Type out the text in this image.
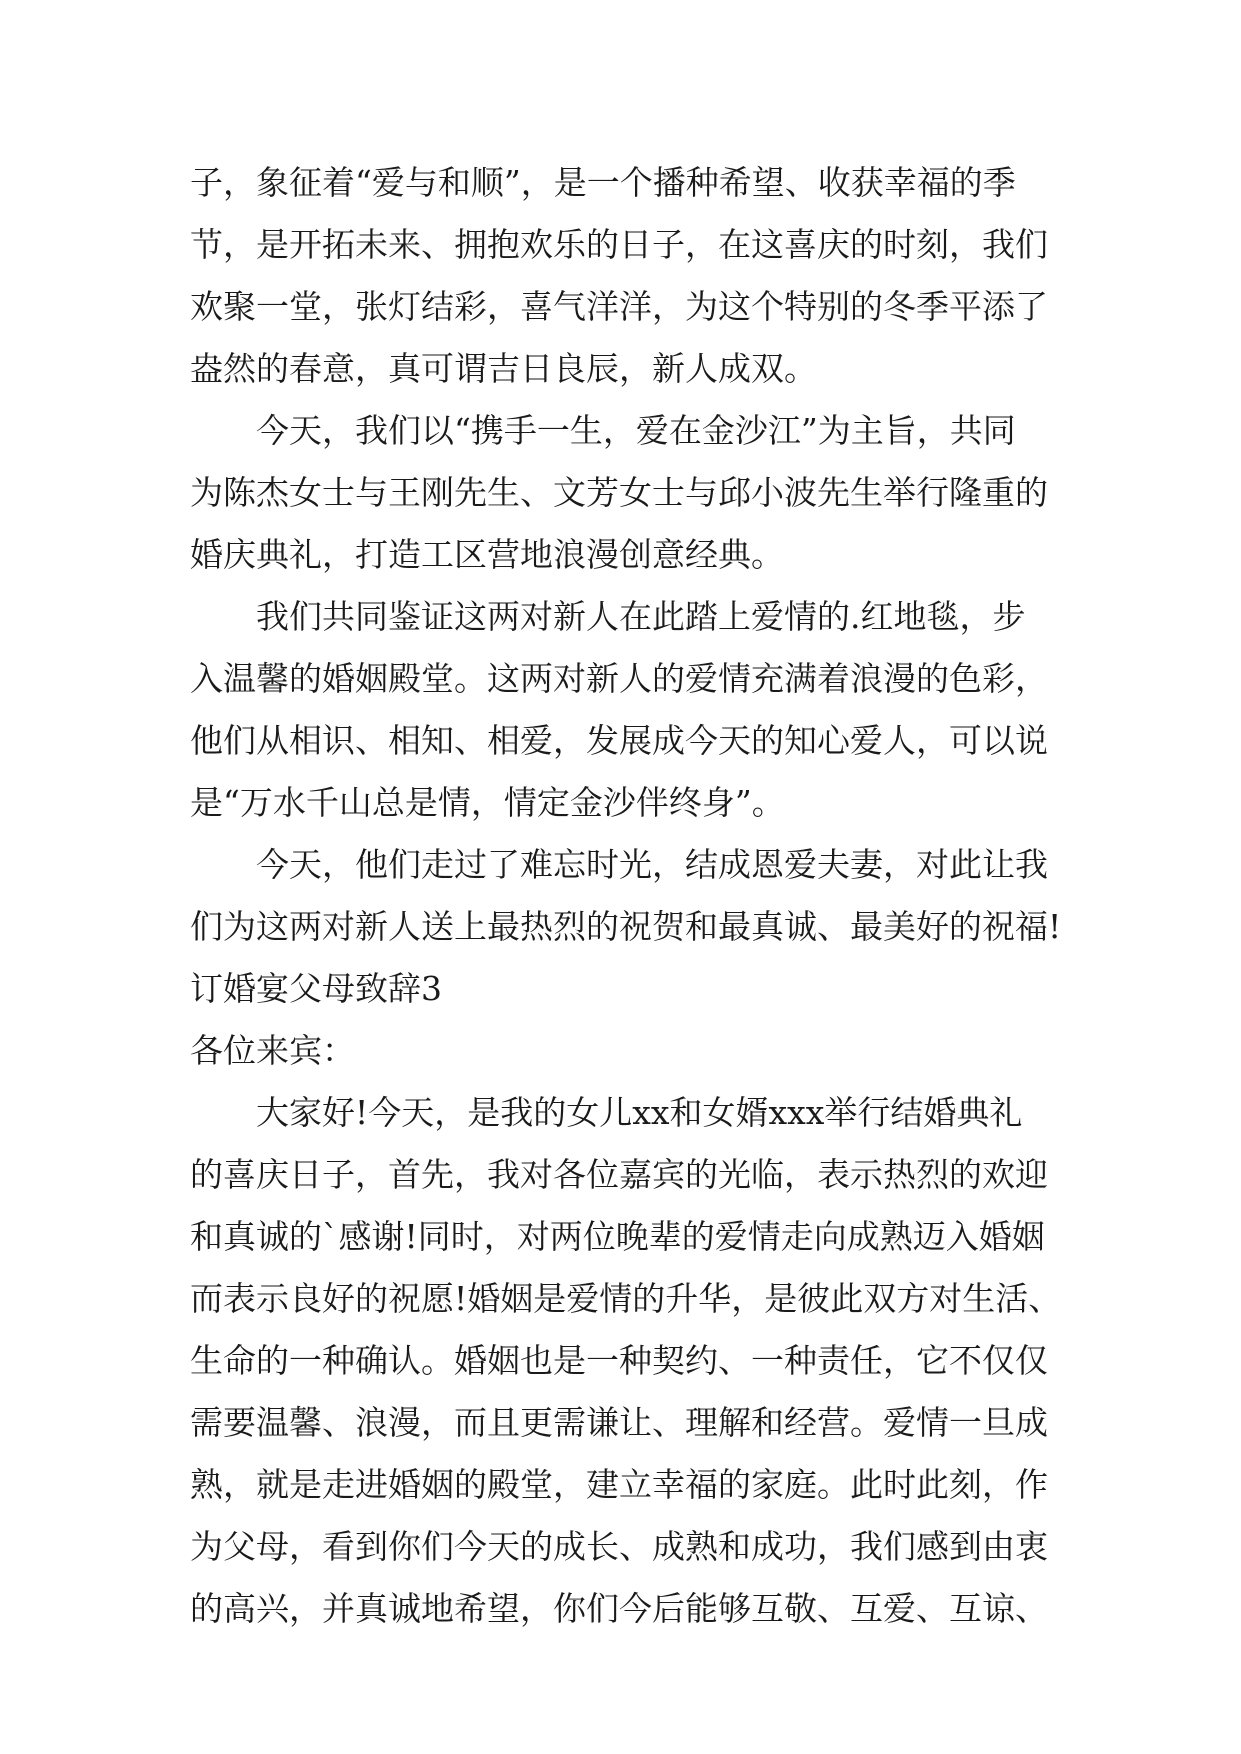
子，象征着“爱与和顺”，是一个播种希望、收获幸福的季
节，是开拓未来、拥抱欢乐的日子，在这喜庆的时刻，我们
欢聚一堂，张灯结彩，喜气洋洋，为这个特别的冬季平添了
盎然的春意，真可谓吉日良辰，新人成双。
今天，我们以“携手一生，爱在金沙江”为主旨，共同
为陈杰女士与王刚先生、文芳女士与邱小波先生举行隆重的
婚庆典礼，打造工区营地浪漫创意经典。
我们共同鉴证这两对新人在此踏上爱情的.红地毯，步
入温馨的婚姻殿堂。这两对新人的爱情充满着浪漫的色彩，
他们从相识、相知、相爱，发展成今天的知心爱人，可以说
是“万水千山总是情，情定金沙伴终身”。
今天，他们走过了难忘时光，结成恩爱夫妻，对此让我
们为这两对新人送上最热烈的祝贺和最真诚、最美好的祝福!
订婚宴父母致辞3
各位来宾：
大家好!今天，是我的女儿xx和女婿xxx举行结婚典礼
的喜庆日子，首先，我对各位嘉宾的光临，表示热烈的欢迎
和真诚的`感谢!同时，对两位晚辈的爱情走向成熟迈入婚姻
而表示良好的祝愿!婚姻是爱情的升华，是彼此双方对生活、
生命的一种确认。婚姻也是一种契约、一种责任，它不仅仅
需要温馨、浪漫，而且更需谦让、理解和经营。爱情一旦成
熟，就是走进婚姻的殿堂，建立幸福的家庭。此时此刻，作
为父母，看到你们今天的成长、成熟和成功，我们感到由衷
的高兴，并真诚地希望，你们今后能够互敬、互爱、互谅、
